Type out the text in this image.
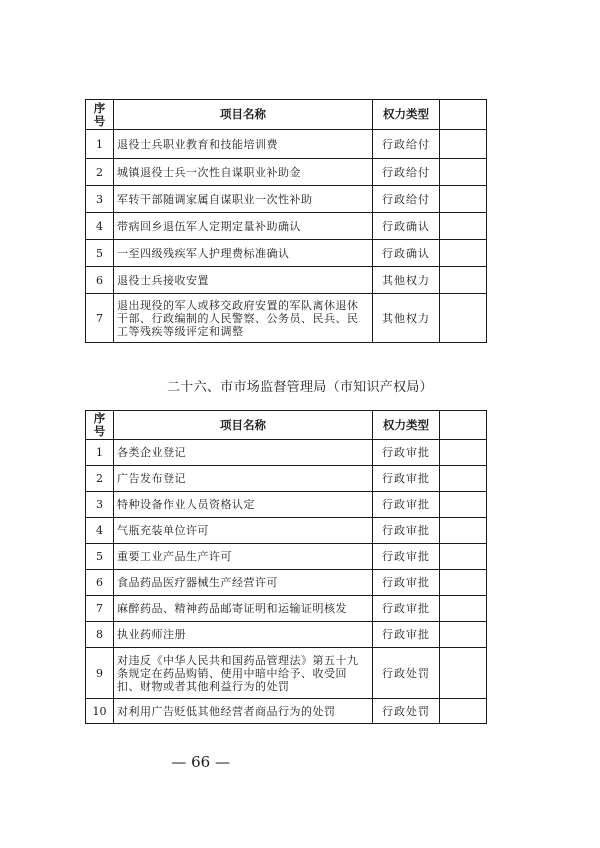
序号	项目名称	权力类型	
1	退役士兵职业教育和技能培训费	行政给付	
2	城镇退役士兵一次性自谋职业补助金	行政给付	
3	军转干部随调家属自谋职业一次性补助	行政给付	
4	带病回乡退伍军人定期定量补助确认	行政确认	
5	一至四级残疾军人护理费标准确认	行政确认	
6	退役士兵接收安置	其他权力	
7	退出现役的军人或移交政府安置的军队离休退休干部、行政编制的人民警察、公务员、民兵、民工等残疾等级评定和调整	其他权力	
二十六、市市场监督管理局（市知识产权局）
序号	项目名称	权力类型	
1	各类企业登记	行政审批	
2	广告发布登记	行政审批	
3	特种设备作业人员资格认定	行政审批	
4	气瓶充装单位许可	行政审批	
5	重要工业产品生产许可	行政审批	
6	食品药品医疗器械生产经营许可	行政审批	
7	麻醉药品、精神药品邮寄证明和运输证明核发	行政审批	
8	执业药师注册	行政审批	
9	对违反《中华人民共和国药品管理法》第五十九条规定在药品购销、使用中暗中给予、收受回扣、财物或者其他利益行为的处罚	行政处罚	
10	对利用广告贬低其他经营者商品行为的处罚	行政处罚	
— 66 —
